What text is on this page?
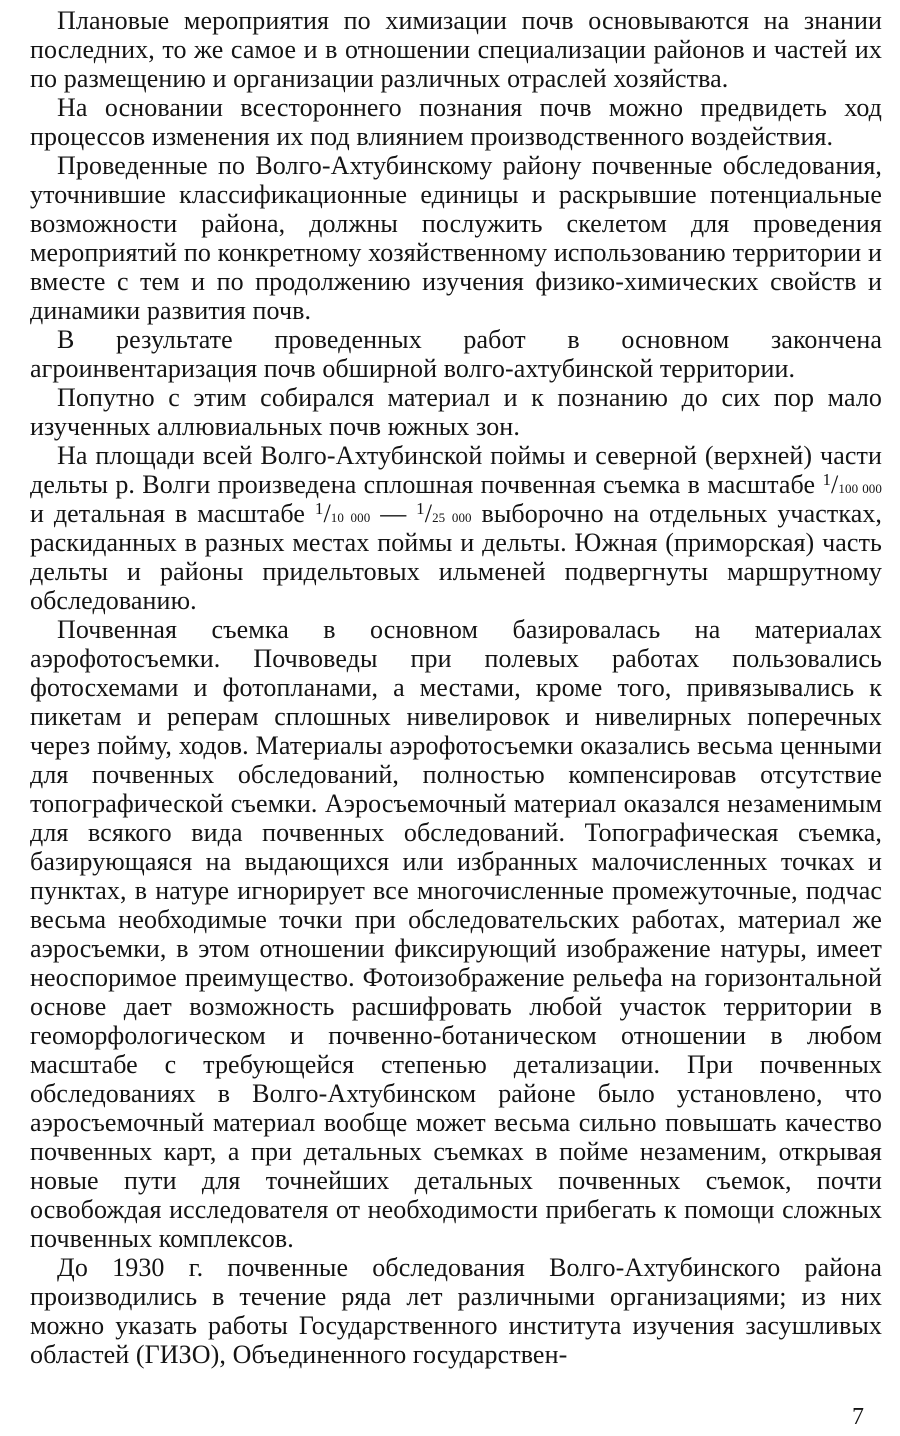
Плановые мероприятия по химизации почв основываются на знании последних, то же самое и в отношении специализации районов и частей их по размещению и организации различных отраслей хозяйства.

На основании всестороннего познания почв можно предвидеть ход процессов изменения их под влиянием производственного воздействия.

Проведенные по Волго-Ахтубинскому району почвенные обследования, уточнившие классификационные единицы и раскрывшие потенциальные возможности района, должны послужить скелетом для проведения мероприятий по конкретному хозяйственному использованию территории и вместе с тем и по продолжению изучения физико-химических свойств и динамики развития почв.

В результате проведенных работ в основном закончена агроинвентаризация почв обширной волго-ахтубинской территории.

Попутно с этим собирался материал и к познанию до сих пор мало изученных аллювиальных почв южных зон.

На площади всей Волго-Ахтубинской поймы и северной (верхней) части дельты р. Волги произведена сплошная почвенная съемка в масштабе $^1$/100 000 и детальная в масштабе $^1$/10 000 — $^1$/25 000 выборочно на отдельных участках, раскиданных в разных местах поймы и дельты. Южная (приморская) часть дельты и районы придельтовых ильменей подвергнуты маршрутному обследованию.

Почвенная съемка в основном базировалась на материалах аэрофотосъемки. Почвоведы при полевых работах пользовались фотосхемами и фотопланами, а местами, кроме того, привязывались к пикетам и реперам сплошных нивелировок и нивелирных поперечных через пойму, ходов. Материалы аэрофотосъемки оказались весьма ценными для почвенных обследований, полностью компенсировав отсутствие топографической съемки. Аэросъемочный материал оказался незаменимым для всякого вида почвенных обследований. Топографическая съемка, базирующаяся на выдающихся или избранных малочисленных точках и пунктах, в натуре игнорирует все многочисленные промежуточные, подчас весьма необходимые точки при обследовательских работах, материал же аэросъемки, в этом отношении фиксирующий изображение натуры, имеет неоспоримое преимущество. Фотоизображение рельефа на горизонтальной основе дает возможность расшифровать любой участок территории в геоморфологическом и почвенно-ботаническом отношении в любом масштабе с требующейся степенью детализации. При почвенных обследованиях в Волго-Ахтубинском районе было установлено, что аэросъемочный материал вообще может весьма сильно повышать качество почвенных карт, а при детальных съемках в пойме незаменим, открывая новые пути для точнейших детальных почвенных съемок, почти освобождая исследователя от необходимости прибегать к помощи сложных почвенных комплексов.

До 1930 г. почвенные обследования Волго-Ахтубинского района производились в течение ряда лет различными организациями; из них можно указать работы Государственного института изучения засушливых областей (ГИЗО), Объединенного государствен-

7
